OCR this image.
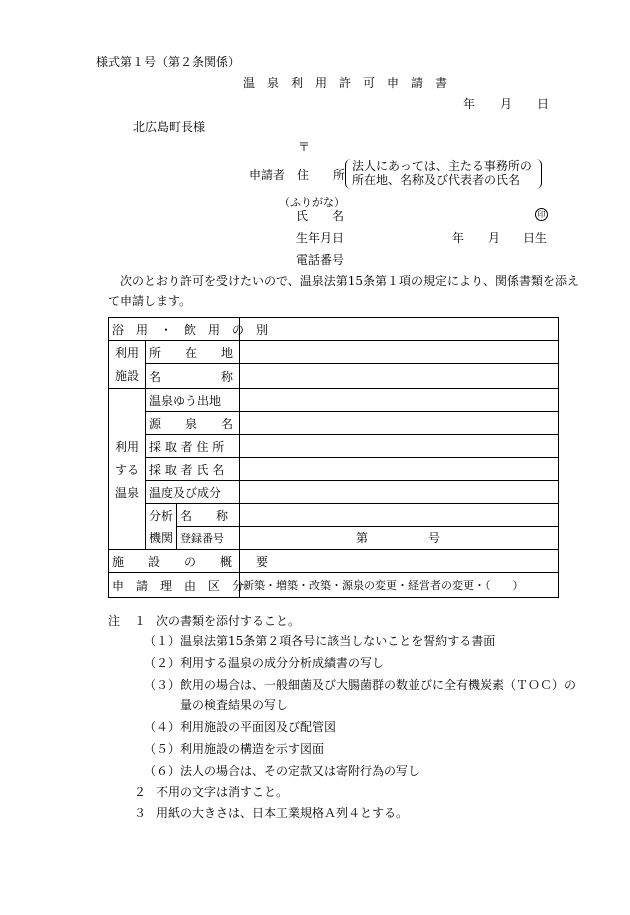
様式第１号（第２条関係）
温　泉　利　用　許　可　申　請　書
年 月 日
北広島町長様
〒
申請者 住　　所
法人にあっては、主たる事務所の
所在地、名称及び代表者の氏名
（ふりがな）
氏　　名	印
生年月日	年 月 日生
電話番号
次のとおり許可を受けたいので、温泉法第15条第１項の規定により、関係書類を添え
て申請します。
浴　用　・　飲　用　の　別			
利用	所　　在　　地		
施設	名　　　　　称		
	温泉ゆう出地		
	源　　泉　　名		
利用	採 取 者 住 所		
する	採 取 者 氏 名		
温泉	温度及び成分		
	分析	名　　称	
	機関	登録番号	第 号

施　　設　　の　　概　　要			
申　請　理　由　区　分			新築・増築・改築・源泉の変更・経営者の変更・（　　）
注 １ 次の書類を添付すること。
（１） 温泉法第15条第２項各号に該当しないことを誓約する書面
（２） 利用する温泉の成分分析成績書の写し
（３） 飲用の場合は、一般細菌及び大腸菌群の数並びに全有機炭素（ＴＯＣ）の
量の検査結果の写し
（４） 利用施設の平面図及び配管図
（５） 利用施設の構造を示す図面
（６） 法人の場合は、その定款又は寄附行為の写し
２ 不用の文字は消すこと。
３ 用紙の大きさは、日本工業規格Ａ列４とする。
